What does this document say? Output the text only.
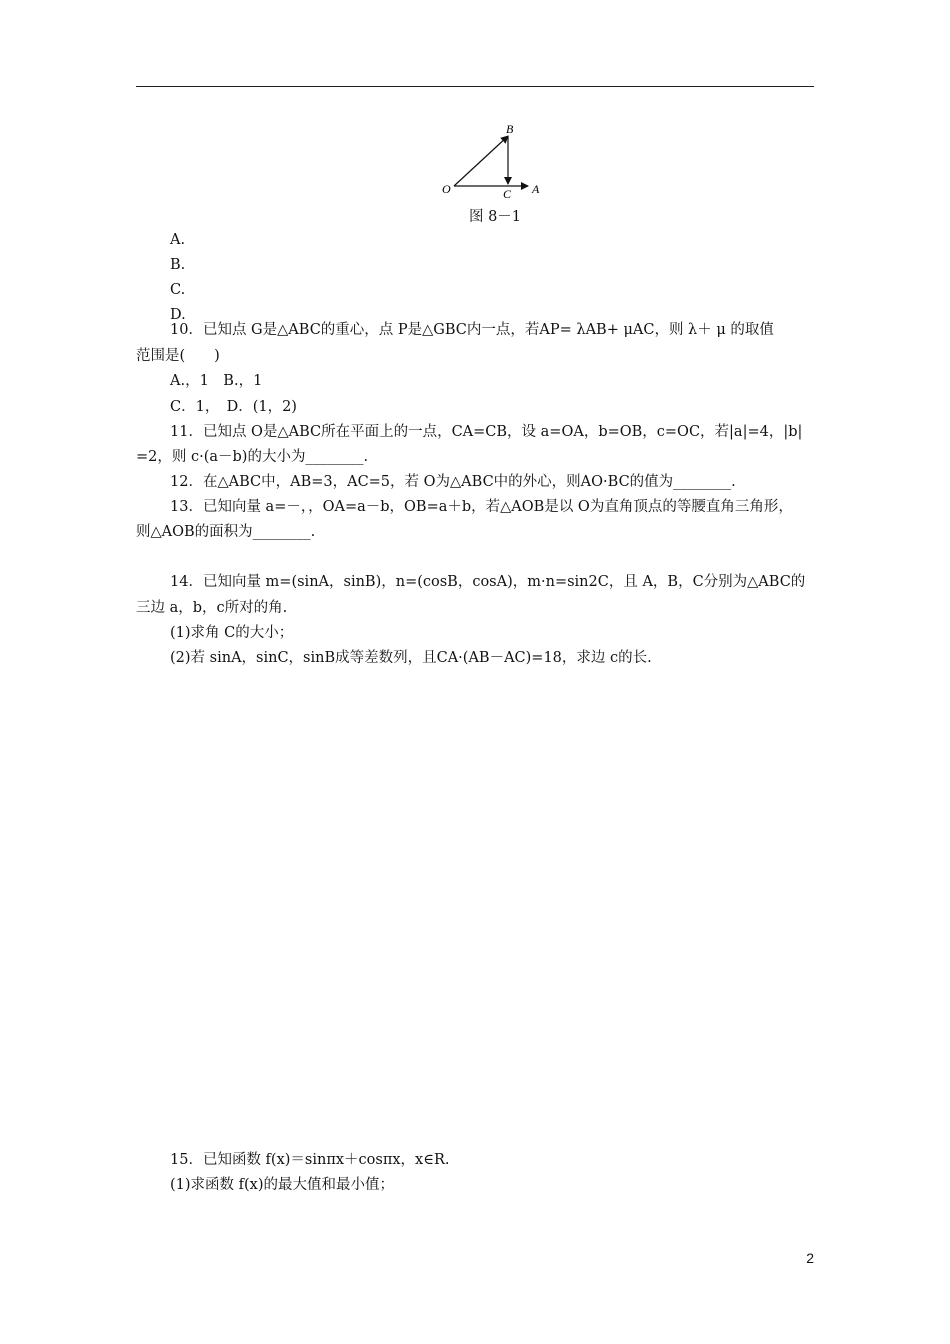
B
O	C A
图 8－1
A.
B.
C.
D.
10．已知点 G是△ABC的重心，点 P是△GBC内一点，若AP= λAB+ μAC，则 λ＋ μ 的取值
范围是(　　)
A.，1　B.，1
C．1，　D．(1，2)
11．已知点 O是△ABC所在平面上的一点，CA=CB，设 a=OA，b=OB，c=OC，若|a|=4，|b|
=2，则 c·(a－b)的大小为________.
12．在△ABC中，AB=3，AC=5，若 O为△ABC中的外心，则AO·BC的值为________.
13．已知向量 a=－，，OA=a－b，OB=a＋b，若△AOB是以 O为直角顶点的等腰直角三角形，
则△AOB的面积为________.
14．已知向量 m=(sinA，sinB)，n=(cosB，cosA)，m·n=sin2C，且 A，B，C分别为△ABC的
三边 a，b，c所对的角.
(1)求角 C的大小；
(2)若 sinA，sinC，sinB成等差数列，且CA·(AB－AC)=18，求边 c的长.
15．已知函数 f(x)＝sinπx＋cosπx，x∈R.
(1)求函数 f(x)的最大值和最小值；
2
